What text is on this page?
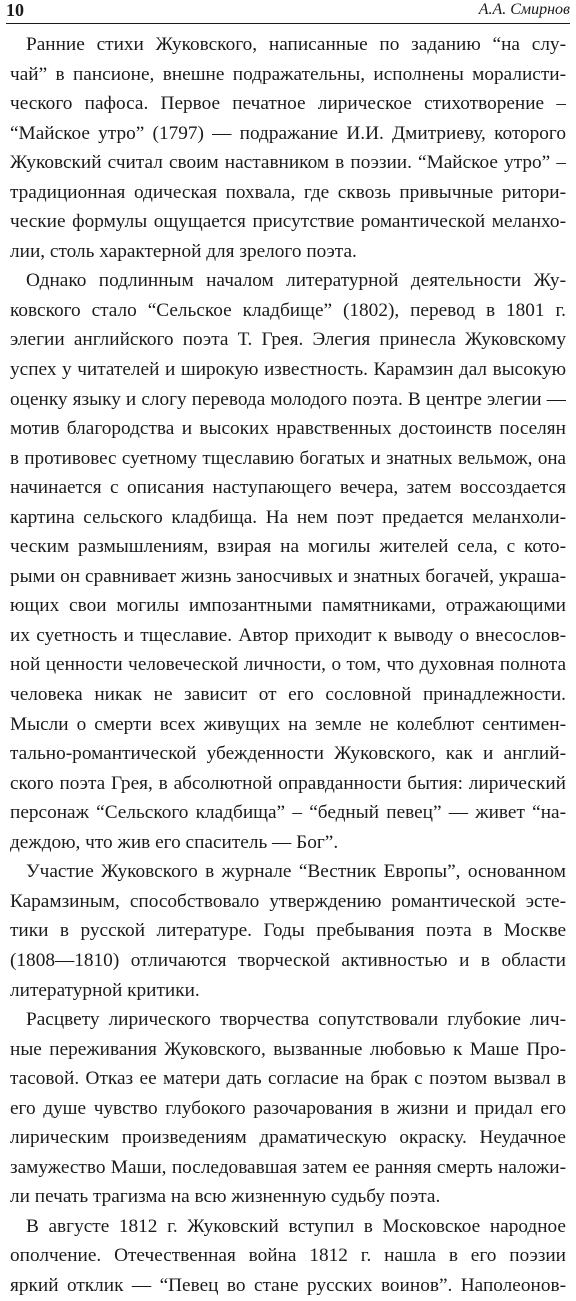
10	А.А. Смирнов
Ранние стихи Жуковского, написанные по заданию “на слу-
чай” в пансионе, внешне подражательны, исполнены моралисти-
ческого пафоса. Первое печатное лирическое стихотворение –
“Майское утро” (1797) — подражание И.И. Дмитриеву, которого
Жуковский считал своим наставником в поэзии. “Майское утро” –
традиционная одическая похвала, где сквозь привычные ритори-
ческие формулы ощущается присутствие романтической меланхо-
лии, столь характерной для зрелого поэта.
Однако подлинным началом литературной деятельности Жу-
ковского стало “Сельское кладбище” (1802), перевод в 1801 г.
элегии английского поэта Т. Грея. Элегия принесла Жуковскому
успех у читателей и широкую известность. Карамзин дал высокую
оценку языку и слогу перевода молодого поэта. В центре элегии —
мотив благородства и высоких нравственных достоинств поселян
в противовес суетному тщеславию богатых и знатных вельмож, она
начинается с описания наступающего вечера, затем воссоздается
картина сельского кладбища. На нем поэт предается меланхоли-
ческим размышлениям, взирая на могилы жителей села, с кото-
рыми он сравнивает жизнь заносчивых и знатных богачей, украша-
ющих свои могилы импозантными памятниками, отражающими
их суетность и тщеславие. Автор приходит к выводу о внесослов-
ной ценности человеческой личности, о том, что духовная полнота
человека никак не зависит от его сословной принадлежности.
Мысли о смерти всех живущих на земле не колеблют сентимен-
тально-романтической убежденности Жуковского, как и англий-
ского поэта Грея, в абсолютной оправданности бытия: лирический
персонаж “Сельского кладбища” – “бедный певец” — живет “на-
деждою, что жив его спаситель — Бог”.
Участие Жуковского в журнале “Вестник Европы”, основанном
Карамзиным, способствовало утверждению романтической эсте-
тики в русской литературе. Годы пребывания поэта в Москве
(1808—1810) отличаются творческой активностью и в области
литературной критики.
Расцвету лирического творчества сопутствовали глубокие лич-
ные переживания Жуковского, вызванные любовью к Маше Про-
тасовой. Отказ ее матери дать согласие на брак с поэтом вызвал в
его душе чувство глубокого разочарования в жизни и придал его
лирическим произведениям драматическую окраску. Неудачное
замужество Маши, последовавшая затем ее ранняя смерть наложи-
ли печать трагизма на всю жизненную судьбу поэта.
В августе 1812 г. Жуковский вступил в Московское народное
ополчение. Отечественная война 1812 г. нашла в его поэзии
яркий отклик — “Певец во стане русских воинов”. Наполеонов-
